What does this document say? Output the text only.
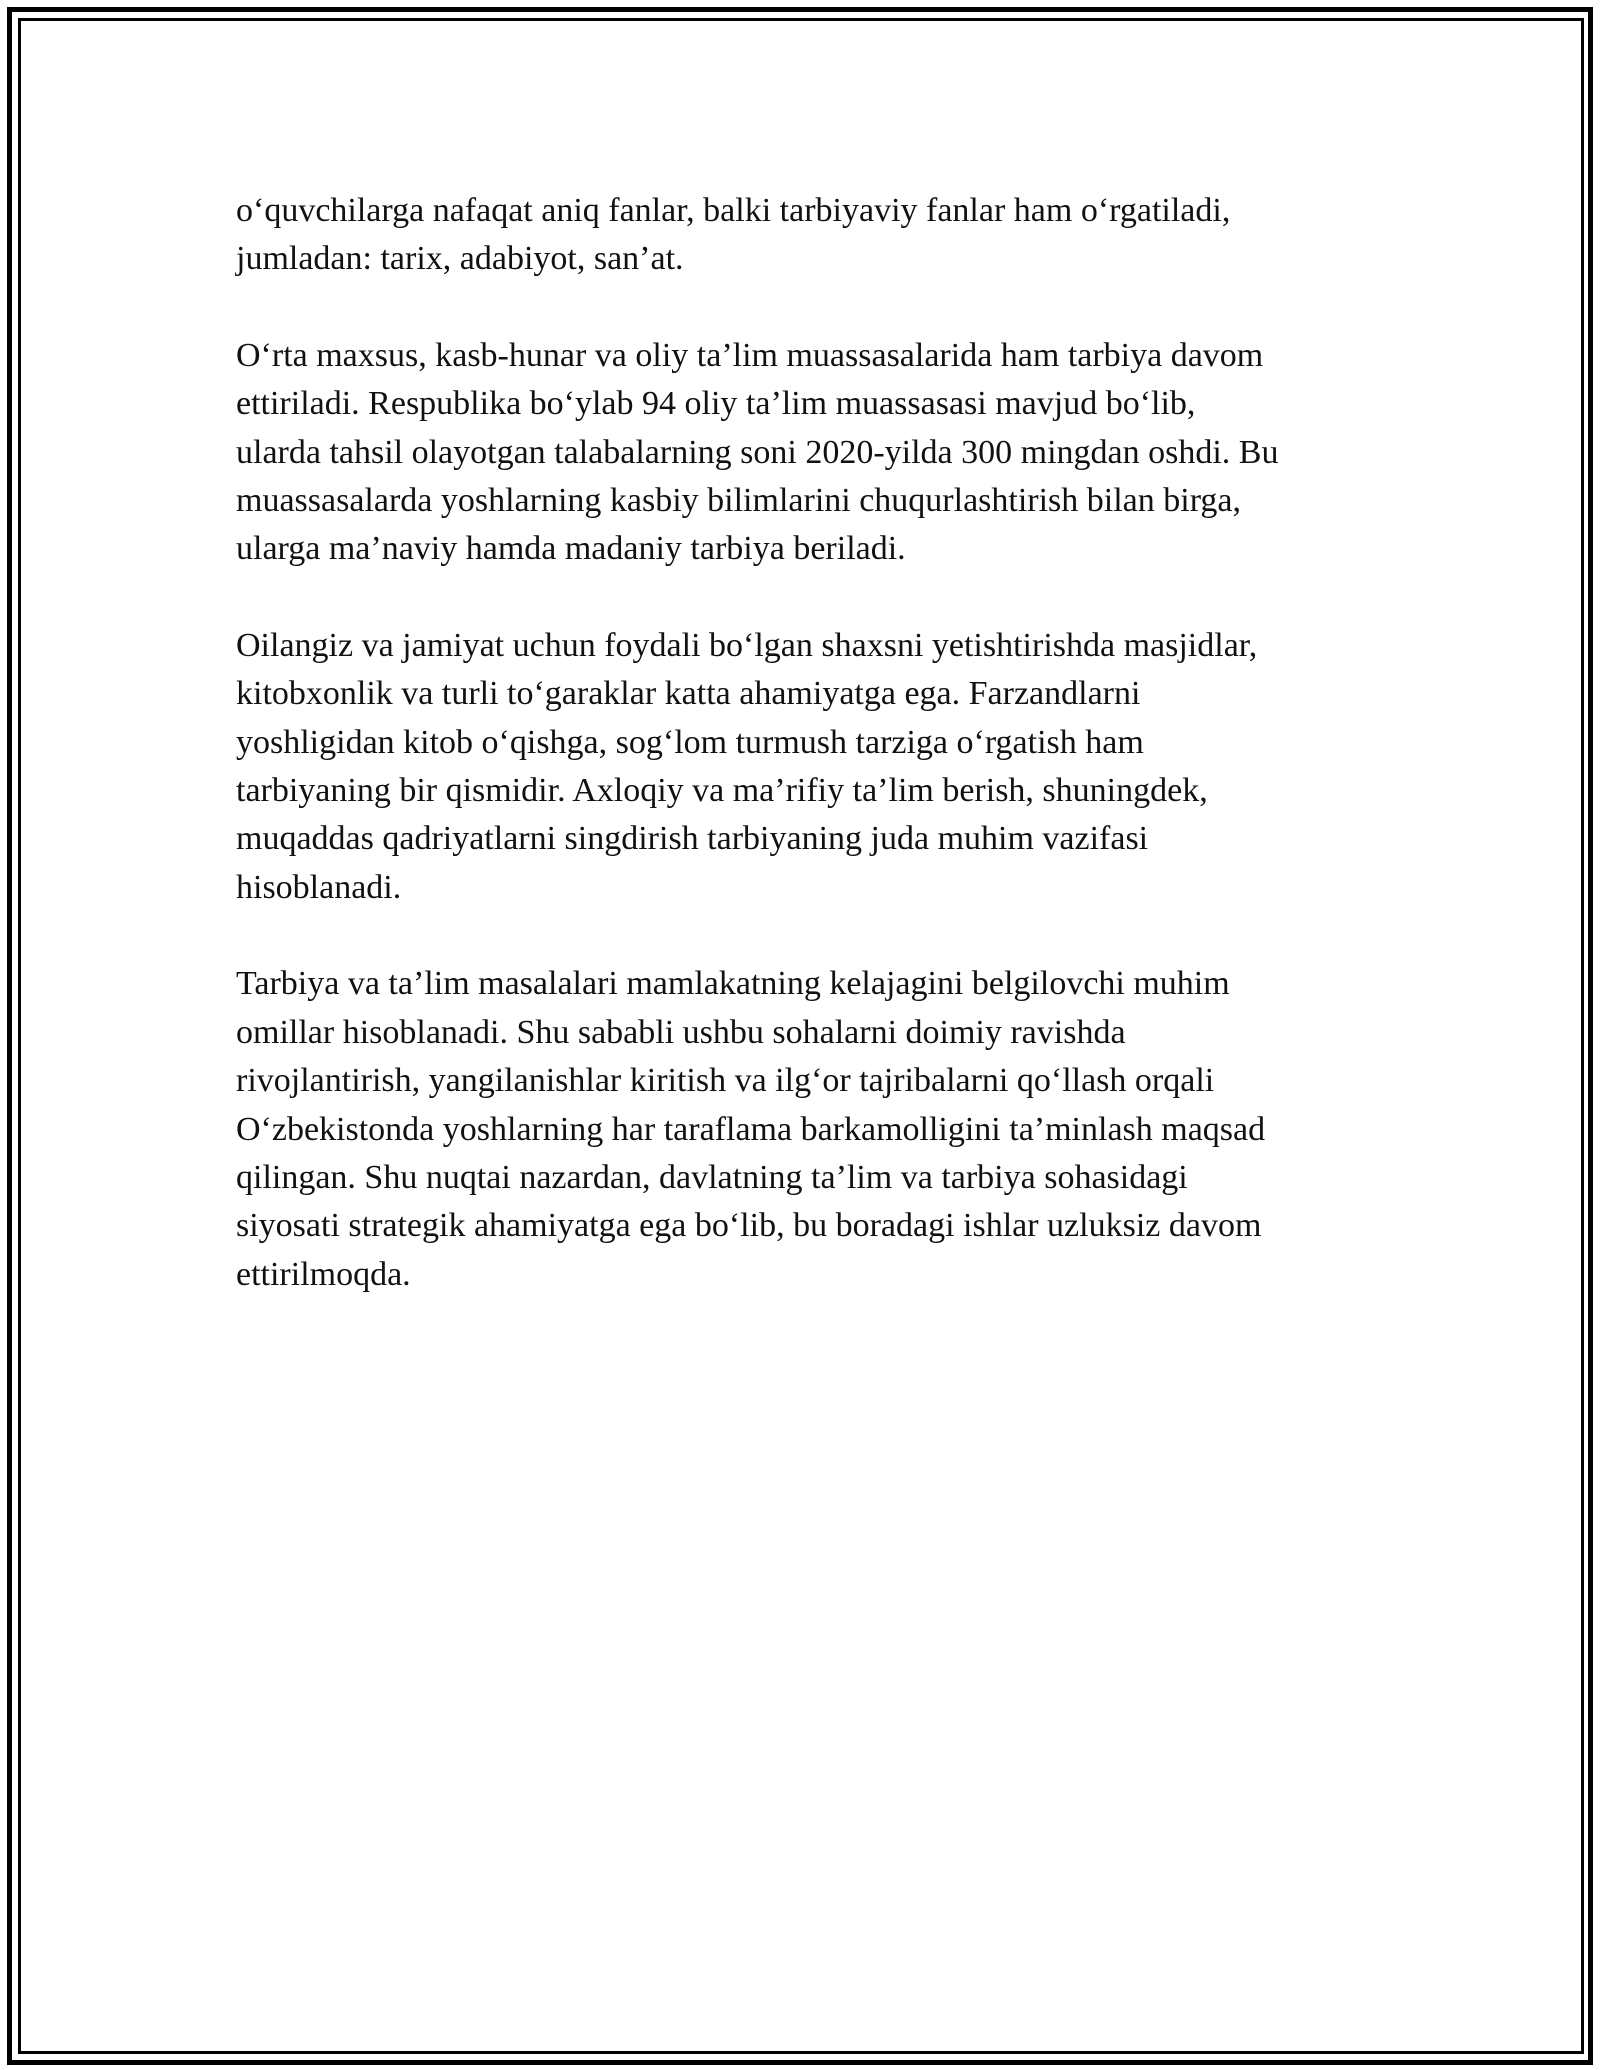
o‘quvchilarga nafaqat aniq fanlar, balki tarbiyaviy fanlar ham o‘rgatiladi,
jumladan: tarix, adabiyot, san’at.

O‘rta maxsus, kasb-hunar va oliy ta’lim muassasalarida ham tarbiya davom
ettiriladi. Respublika bo‘ylab 94 oliy ta’lim muassasasi mavjud bo‘lib,
ularda tahsil olayotgan talabalarning soni 2020-yilda 300 mingdan oshdi. Bu
muassasalarda yoshlarning kasbiy bilimlarini chuqurlashtirish bilan birga,
ularga ma’naviy hamda madaniy tarbiya beriladi.

Oilangiz va jamiyat uchun foydali bo‘lgan shaxsni yetishtirishda masjidlar,
kitobxonlik va turli to‘garaklar katta ahamiyatga ega. Farzandlarni
yoshligidan kitob o‘qishga, sog‘lom turmush tarziga o‘rgatish ham
tarbiyaning bir qismidir. Axloqiy va ma’rifiy ta’lim berish, shuningdek,
muqaddas qadriyatlarni singdirish tarbiyaning juda muhim vazifasi
hisoblanadi.

Tarbiya va ta’lim masalalari mamlakatning kelajagini belgilovchi muhim
omillar hisoblanadi. Shu sababli ushbu sohalarni doimiy ravishda
rivojlantirish, yangilanishlar kiritish va ilg‘or tajribalarni qo‘llash orqali
O‘zbekistonda yoshlarning har taraflama barkamolligini ta’minlash maqsad
qilingan. Shu nuqtai nazardan, davlatning ta’lim va tarbiya sohasidagi
siyosati strategik ahamiyatga ega bo‘lib, bu boradagi ishlar uzluksiz davom
ettirilmoqda.
